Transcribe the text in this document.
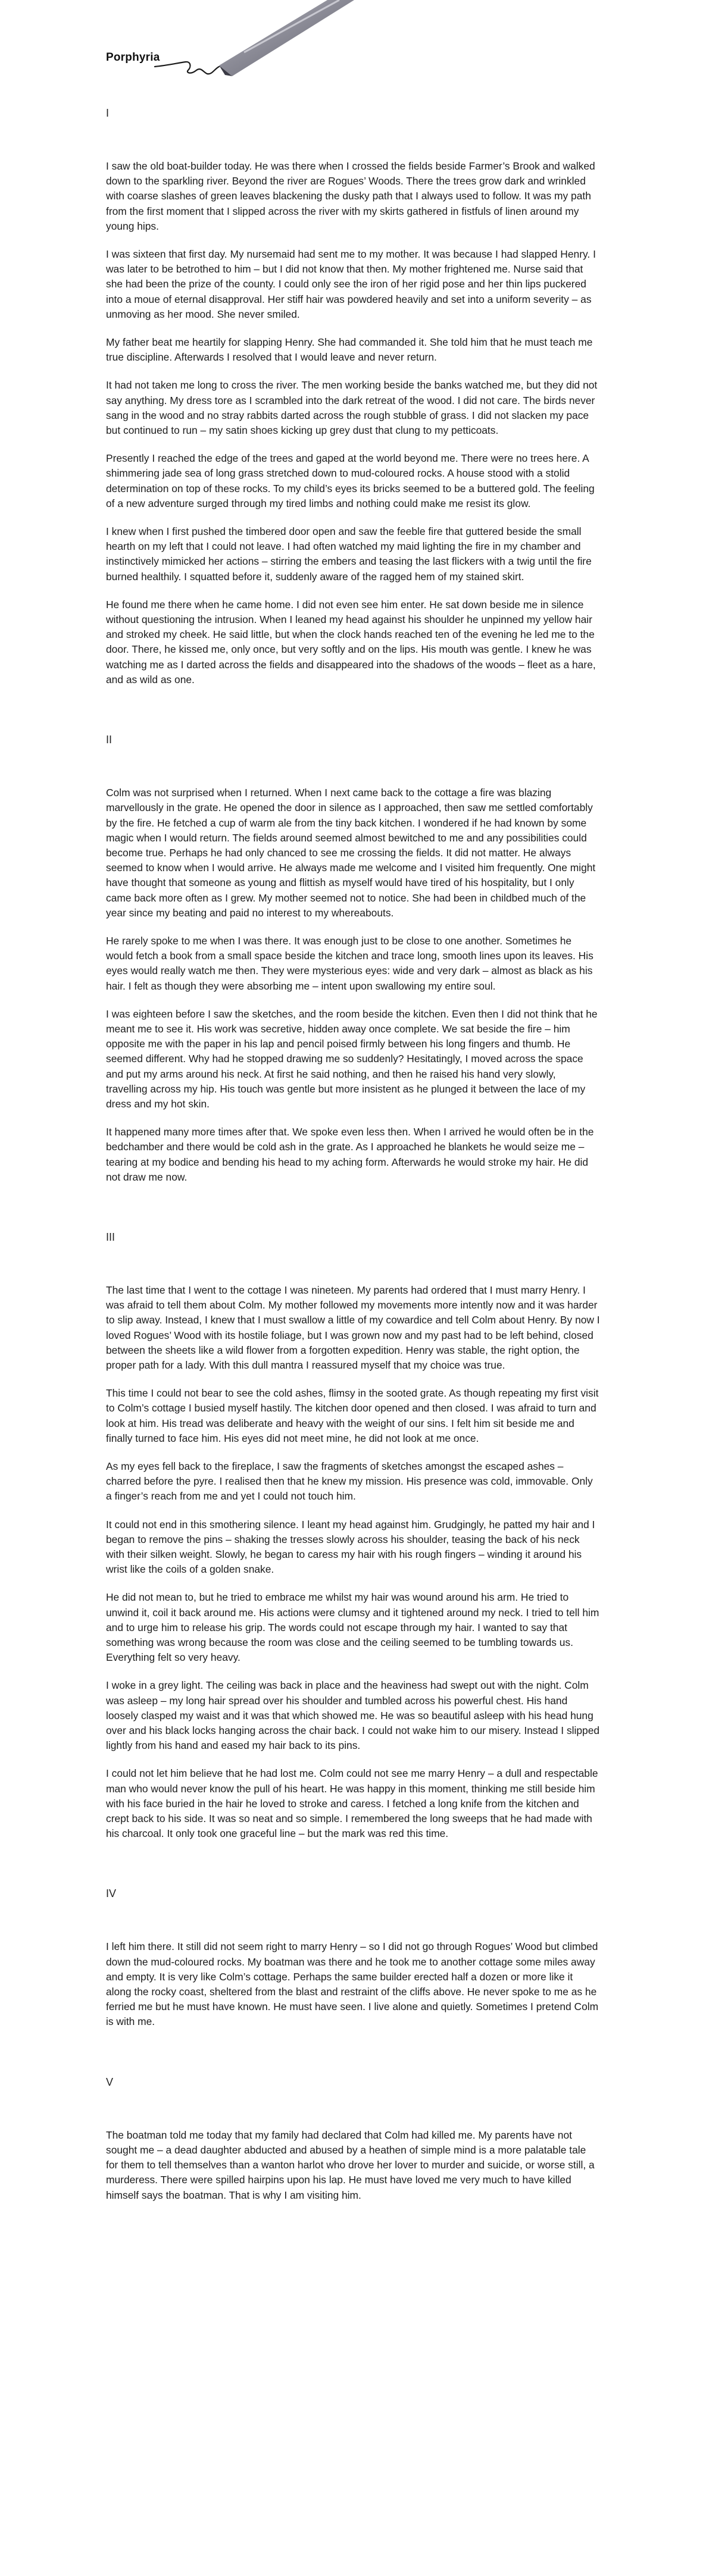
Porphyria
I

I saw the old boat-builder today. He was there when I crossed the fields beside Farmer’s Brook and walked down to the sparkling river. Beyond the river are Rogues’ Woods. There the trees grow dark and wrinkled with coarse slashes of green leaves blackening the dusky path that I always used to follow. It was my path from the first moment that I slipped across the river with my skirts gathered in fistfuls of linen around my young hips.

I was sixteen that first day. My nursemaid had sent me to my mother. It was because I had slapped Henry. I was later to be betrothed to him – but I did not know that then. My mother frightened me. Nurse said that she had been the prize of the county. I could only see the iron of her rigid pose and her thin lips puckered into a moue of eternal disapproval. Her stiff hair was powdered heavily and set into a uniform severity – as unmoving as her mood. She never smiled.

My father beat me heartily for slapping Henry. She had commanded it. She told him that he must teach me true discipline. Afterwards I resolved that I would leave and never return.

It had not taken me long to cross the river. The men working beside the banks watched me, but they did not say anything. My dress tore as I scrambled into the dark retreat of the wood. I did not care. The birds never sang in the wood and no stray rabbits darted across the rough stubble of grass. I did not slacken my pace but continued to run – my satin shoes kicking up grey dust that clung to my petticoats.

Presently I reached the edge of the trees and gaped at the world beyond me. There were no trees here. A shimmering jade sea of long grass stretched down to mud-coloured rocks. A house stood with a stolid determination on top of these rocks. To my child’s eyes its bricks seemed to be a buttered gold. The feeling of a new adventure surged through my tired limbs and nothing could make me resist its glow.

I knew when I first pushed the timbered door open and saw the feeble fire that guttered beside the small hearth on my left that I could not leave. I had often watched my maid lighting the fire in my chamber and instinctively mimicked her actions – stirring the embers and teasing the last flickers with a twig until the fire burned healthily. I squatted before it, suddenly aware of the ragged hem of my stained skirt.

He found me there when he came home. I did not even see him enter. He sat down beside me in silence without questioning the intrusion. When I leaned my head against his shoulder he unpinned my yellow hair and stroked my cheek. He said little, but when the clock hands reached ten of the evening he led me to the door. There, he kissed me, only once, but very softly and on the lips. His mouth was gentle. I knew he was watching me as I darted across the fields and disappeared into the shadows of the woods – fleet as a hare, and as wild as one.

II

Colm was not surprised when I returned. When I next came back to the cottage a fire was blazing marvellously in the grate. He opened the door in silence as I approached, then saw me settled comfortably by the fire. He fetched a cup of warm ale from the tiny back kitchen. I wondered if he had known by some magic when I would return. The fields around seemed almost bewitched to me and any possibilities could become true. Perhaps he had only chanced to see me crossing the fields. It did not matter. He always seemed to know when I would arrive. He always made me welcome and I visited him frequently. One might have thought that someone as young and flittish as myself would have tired of his hospitality, but I only came back more often as I grew. My mother seemed not to notice. She had been in childbed much of the year since my beating and paid no interest to my whereabouts.

He rarely spoke to me when I was there. It was enough just to be close to one another. Sometimes he would fetch a book from a small space beside the kitchen and trace long, smooth lines upon its leaves. His eyes would really watch me then. They were mysterious eyes: wide and very dark – almost as black as his hair. I felt as though they were absorbing me – intent upon swallowing my entire soul.

I was eighteen before I saw the sketches, and the room beside the kitchen. Even then I did not think that he meant me to see it. His work was secretive, hidden away once complete. We sat beside the fire – him opposite me with the paper in his lap and pencil poised firmly between his long fingers and thumb. He seemed different. Why had he stopped drawing me so suddenly? Hesitatingly, I moved across the space and put my arms around his neck. At first he said nothing, and then he raised his hand very slowly, travelling across my hip. His touch was gentle but more insistent as he plunged it between the lace of my dress and my hot skin.

It happened many more times after that. We spoke even less then. When I arrived he would often be in the bedchamber and there would be cold ash in the grate. As I approached he blankets he would seize me – tearing at my bodice and bending his head to my aching form. Afterwards he would stroke my hair. He did not draw me now.

III

The last time that I went to the cottage I was nineteen. My parents had ordered that I must marry Henry. I was afraid to tell them about Colm. My mother followed my movements more intently now and it was harder to slip away. Instead, I knew that I must swallow a little of my cowardice and tell Colm about Henry. By now I loved Rogues’ Wood with its hostile foliage, but I was grown now and my past had to be left behind, closed between the sheets like a wild flower from a forgotten expedition. Henry was stable, the right option, the proper path for a lady. With this dull mantra I reassured myself that my choice was true.

This time I could not bear to see the cold ashes, flimsy in the sooted grate. As though repeating my first visit to Colm’s cottage I busied myself hastily. The kitchen door opened and then closed. I was afraid to turn and look at him. His tread was deliberate and heavy with the weight of our sins. I felt him sit beside me and finally turned to face him. His eyes did not meet mine, he did not look at me once.

As my eyes fell back to the fireplace, I saw the fragments of sketches amongst the escaped ashes – charred before the pyre. I realised then that he knew my mission. His presence was cold, immovable. Only a finger’s reach from me and yet I could not touch him.

It could not end in this smothering silence. I leant my head against him. Grudgingly, he patted my hair and I began to remove the pins – shaking the tresses slowly across his shoulder, teasing the back of his neck with their silken weight. Slowly, he began to caress my hair with his rough fingers – winding it around his wrist like the coils of a golden snake.

He did not mean to, but he tried to embrace me whilst my hair was wound around his arm. He tried to unwind it, coil it back around me. His actions were clumsy and it tightened around my neck. I tried to tell him and to urge him to release his grip. The words could not escape through my hair. I wanted to say that something was wrong because the room was close and the ceiling seemed to be tumbling towards us. Everything felt so very heavy.

I woke in a grey light. The ceiling was back in place and the heaviness had swept out with the night. Colm was asleep – my long hair spread over his shoulder and tumbled across his powerful chest. His hand loosely clasped my waist and it was that which showed me. He was so beautiful asleep with his head hung over and his black locks hanging across the chair back. I could not wake him to our misery. Instead I slipped lightly from his hand and eased my hair back to its pins.

I could not let him believe that he had lost me. Colm could not see me marry Henry – a dull and respectable man who would never know the pull of his heart. He was happy in this moment, thinking me still beside him with his face buried in the hair he loved to stroke and caress. I fetched a long knife from the kitchen and crept back to his side. It was so neat and so simple. I remembered the long sweeps that he had made with his charcoal. It only took one graceful line – but the mark was red this time.

IV

I left him there. It still did not seem right to marry Henry – so I did not go through Rogues’ Wood but climbed down the mud-coloured rocks. My boatman was there and he took me to another cottage some miles away and empty. It is very like Colm’s cottage. Perhaps the same builder erected half a dozen or more like it along the rocky coast, sheltered from the blast and restraint of the cliffs above. He never spoke to me as he ferried me but he must have known. He must have seen. I live alone and quietly. Sometimes I pretend Colm is with me.

V

The boatman told me today that my family had declared that Colm had killed me. My parents have not sought me – a dead daughter abducted and abused by a heathen of simple mind is a more palatable tale for them to tell themselves than a wanton harlot who drove her lover to murder and suicide, or worse still, a murderess. There were spilled hairpins upon his lap. He must have loved me very much to have killed himself says the boatman. That is why I am visiting him.
